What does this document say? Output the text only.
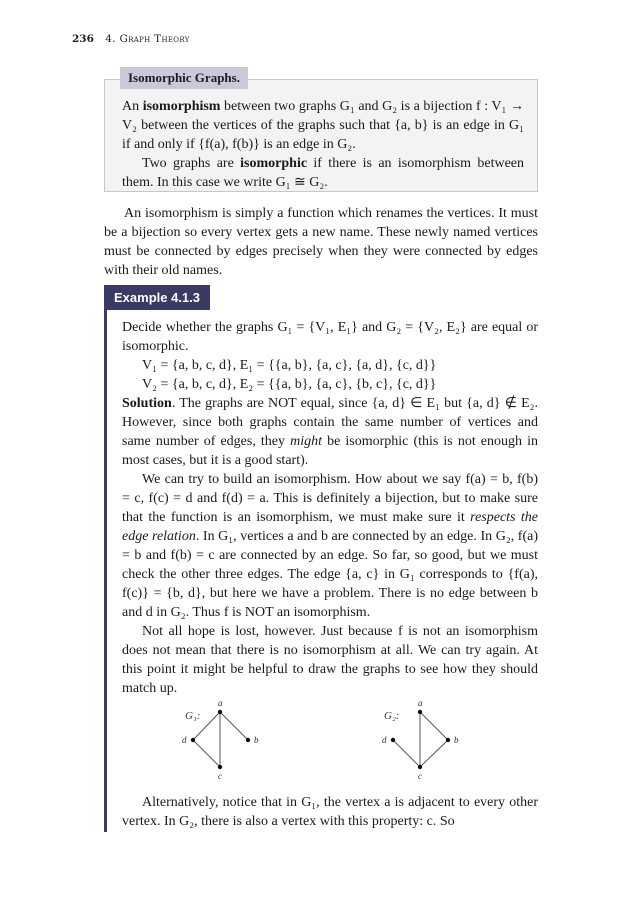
236 4. Graph Theory
Isomorphic Graphs.

An isomorphism between two graphs G₁ and G₂ is a bijection f : V₁ → V₂ between the vertices of the graphs such that {a, b} is an edge in G₁ if and only if {f(a), f(b)} is an edge in G₂.

Two graphs are isomorphic if there is an isomorphism between them. In this case we write G₁ ≅ G₂.

An isomorphism is simply a function which renames the vertices. It must be a bijection so every vertex gets a new name. These newly named vertices must be connected by edges precisely when they were connected by edges with their old names.
Example 4.1.3

Decide whether the graphs G₁ = {V₁, E₁} and G₂ = {V₂, E₂} are equal or isomorphic.

V₁ = {a, b, c, d}, E₁ = {{a, b}, {a, c}, {a, d}, {c, d}}

V₂ = {a, b, c, d}, E₂ = {{a, b}, {a, c}, {b, c}, {c, d}}

Solution. The graphs are NOT equal, since {a, d} ∈ E₁ but {a, d} ∉ E₂. However, since both graphs contain the same number of vertices and same number of edges, they might be isomorphic (this is not enough in most cases, but it is a good start).

We can try to build an isomorphism. How about we say f(a) = b, f(b) = c, f(c) = d and f(d) = a. This is definitely a bijection, but to make sure that the function is an isomorphism, we must make sure it respects the edge relation. In G₁, vertices a and b are connected by an edge. In G₂, f(a) = b and f(b) = c are connected by an edge. So far, so good, but we must check the other three edges. The edge {a, c} in G₁ corresponds to {f(a), f(c)} = {b, d}, but here we have a problem. There is no edge between b and d in G₂. Thus f is NOT an isomorphism.

Not all hope is lost, however. Just because f is not an isomorphism does not mean that there is no isomorphism at all. We can try again. At this point it might be helpful to draw the graphs to see how they should match up.

G₁:
a
b
c
d
G₂:
a
b
c
d
Alternatively, notice that in G₁, the vertex a is adjacent to every other vertex. In G₂, there is also a vertex with this property: c. So
